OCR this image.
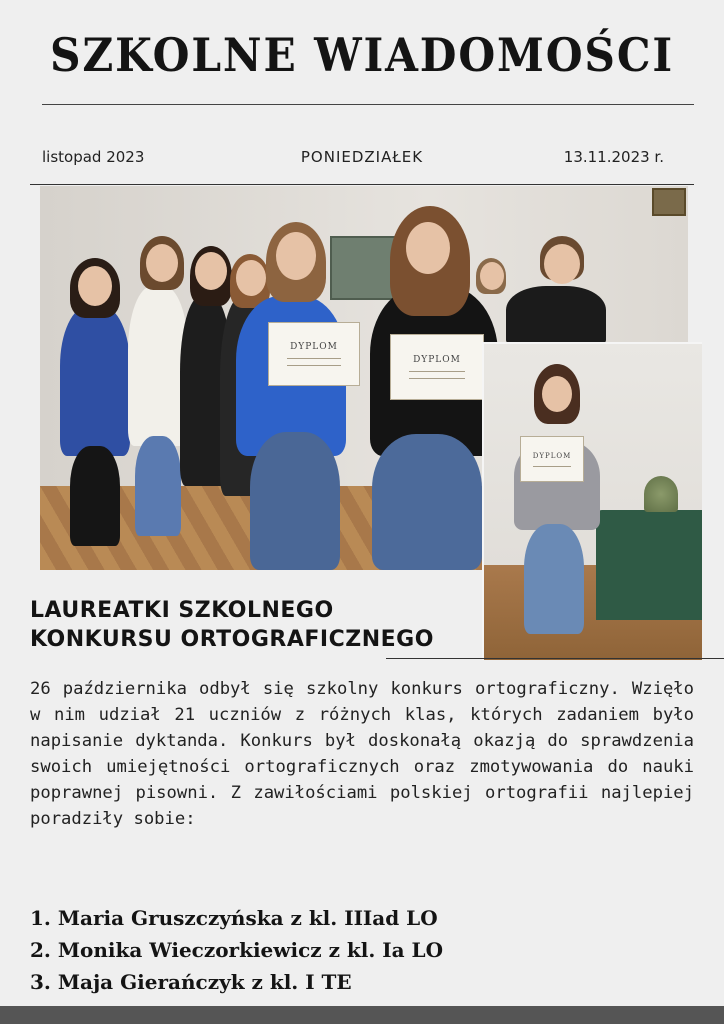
SZKOLNE WIADOMOŚCI
listopad 2023	PONIEDZIAŁEK	13.11.2023 r.
DYPLOM
DYPLOM
DYPLOM
LAUREATKI SZKOLNEGO
KONKURSU ORTOGRAFICZNEGO
26 października odbył się szkolny konkurs ortograficzny. Wzięło w nim udział 21 uczniów z różnych klas, których zadaniem było napisanie dyktanda. Konkurs był doskonałą okazją do sprawdzenia swoich umiejętności ortograficznych oraz zmotywowania do nauki poprawnej pisowni. Z zawiłościami polskiej ortografii najlepiej poradziły sobie:
1. Maria Gruszczyńska z kl. IIIad LO
2. Monika Wieczorkiewicz z kl. Ia LO
3. Maja Gierańczyk z kl. I TE
